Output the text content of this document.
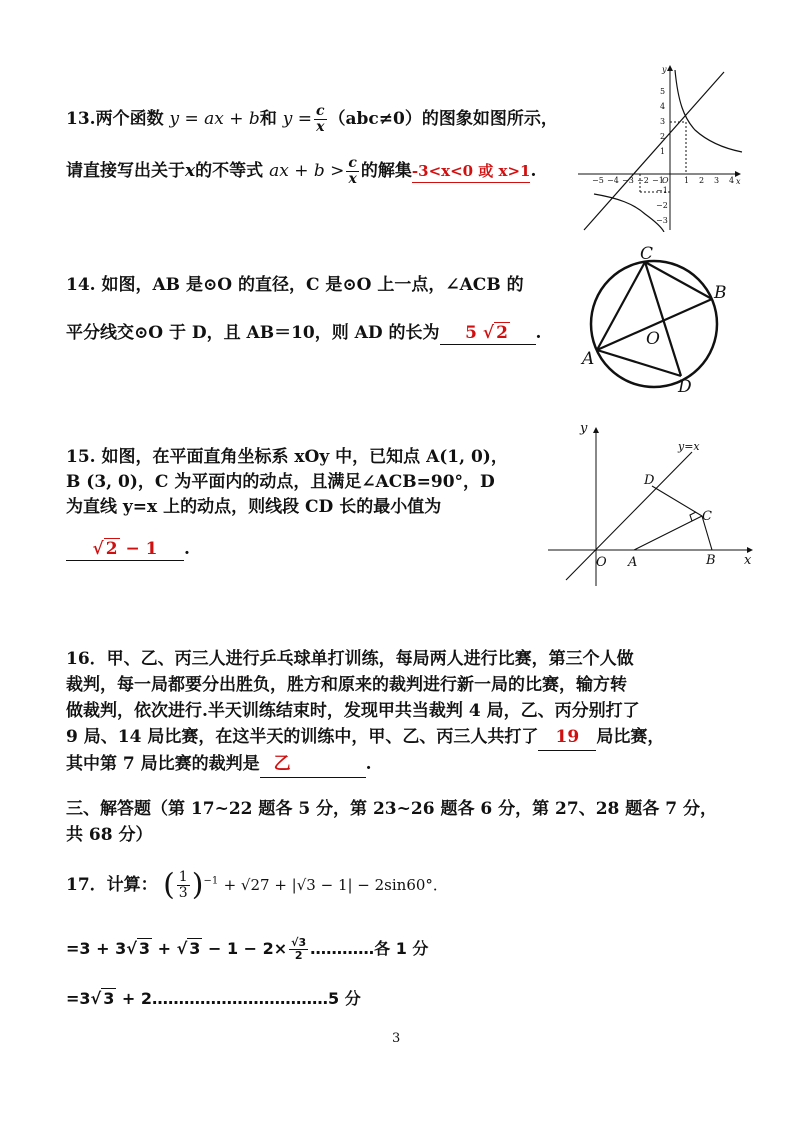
13.两个函数 y = ax + b和 $y = \frac{c}{x} (abc\ne 0)$的图象如图所示，
请直接写出关于x的不等式 ax + $b > \frac{c}{x}$ 的解集-3<x<0 或 x>1.	−5 −4 −3 −2 −1	1 2 3 4
5
4
3
2
1
−1
−2
−3
O	x
y
14. 如图，AB 是⊙O 的直径，C 是⊙O 上一点，∠ACB 的
平分线交⊙O 于 D，且 AB＝10，则 AD 的长为 5 √ 2 .
C
B
O
A
D
15. 如图，在平面直角坐标系 xOy 中，已知点 A(1, 0)，
B (3, 0)，C 为平面内的动点，且满足∠ACB=90°，D
为直线 y=x 上的动点，则线段 CD 长的最小值为
√ 2 − 1 .
y
y=x
D
C
O A	B x
16．甲、乙、丙三人进行乒乓球单打训练，每局两人进行比赛，第三个人做
裁判，每一局都要分出胜负，胜方和原来的裁判进行新一局的比赛，输方转
做裁判，依次进行.半天训练结束时，发现甲共当裁判 4 局，乙、丙分别打了
9 局、14 局比赛，在这半天的训练中，甲、乙、丙三人共打了 19 局比赛，
其中第 7 局比赛的裁判是 乙	.
三、解答题（第 17~22 题各 5 分，第 23~26 题各 6 分，第 27、28 题各 7 分，
共 68 分）
17．计算： ( $\frac{1}{3} )^{-1} + √27 + |√3 - 1| - 2\sin 60^\circ$．
=3 + 3√ 3 + √ $3 - 1 - 2\times \frac{√3}{2}$ …………各 1 分
=3√ 3 + 2……………………………5 分
3
